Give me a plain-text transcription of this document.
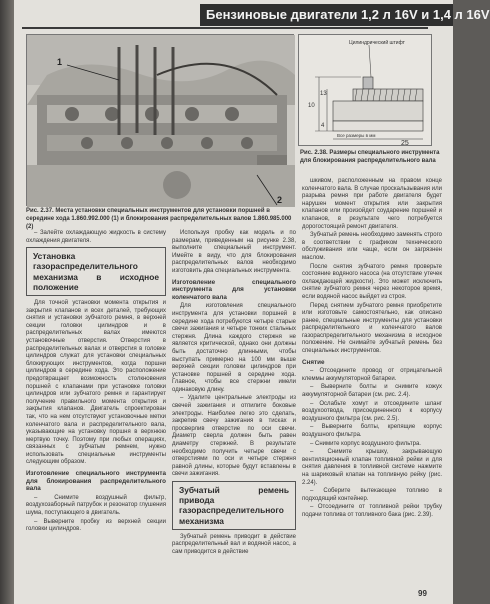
Бензиновые двигатели 1,2 л 16V и 1,4 л 16V
1
2
Цилиндрический штифт
10
13
4
25
Все размеры в мм
Рис. 2.37. Места установки специальных инструментов для установки поршней в середине хода 1.860.992.000 (1) и блокирования распределительных валов 1.860.985.000 (2)
Рис. 2.38. Размеры специального инструмента для блокирования распределительного вала

– Залейте охлаждающую жидкость в систему охлаждения двигателя.

Установка газораспределительного механизма в исходное положение

Для точной установки момента открытия и закрытия клапанов и всех деталей, требующих снятия и установки зубчатого ремня, в верхней секции головки цилиндров и в распределительных валах имеются установочные отверстия. Отверстия в распределительных валах и отверстия в головке цилиндров служат для установки специальных блокирующих инструментов, когда поршни цилиндров в середине хода. Это расположение предотвращает возможность столкновения поршней с клапанами при установке головки цилиндров или зубчатого ремня и гарантирует получение правильного момента открытия и закрытия клапанов. Двигатель спроектирован так, что на нем отсутствуют установочные метки коленчатого вала и распределительного вала, указывающие на установку поршня в верхнюю мертвую точку. Поэтому при любых операциях, связанных с зубчатым ремнем, нужно использовать специальные инструменты следующим образом.

Изготовление специального инструмента для блокирования распределительного вала

– Снимите воздушный фильтр, воздухозаборный патрубок и резонатор глушения шума, поступающего в двигатель.

– Выверните пробку из верхней секции головки цилиндров.

Используя пробку как модель и по размерам, приведенным на рисунке 2.38, выполните специальный инструмент. Имейте в виду, что для блокирования распределительных валов необходимо изготовить два специальных инструмента.

Изготовление специального инструмента для установки коленчатого вала

Для изготовления специального инструмента для установки поршней в середине хода потребуются четыре старые свечи зажигания и четыре тонких стальных стержня. Длина каждого стержня не является критической, однако они должны быть достаточно длинными, чтобы выступать примерно на 100 мм выше верхней секции головки цилиндров при установке поршней в середине хода. Главное, чтобы все стержни имели одинаковую длину.

– Удалите центральные электроды из свечей зажигания и отпилите боковые электроды. Наиболее легко это сделать, закрепив свечу зажигания в тисках и просверлив отверстие по оси свечи. Диаметр сверла должен быть равен диаметру стержней. В результате необходимо получить четыре свечи с отверстиями по оси и четыре стержня равной длины, которые будут вставлены в свечи зажигания.

Зубчатый ремень привода газораспределительного механизма

Зубчатый ремень приводит в действие распределительный вал и водяной насос, а сам приводится в действие

шкивом, расположенным на правом конце коленчатого вала. В случае проскальзывания или разрыва ремня при работе двигателя будет нарушен момент открытия или закрытия клапанов или произойдет соударение поршней и клапанов, в результате чего потребуется дорогостоящий ремонт двигателя.

Зубчатый ремень необходимо заменять строго в соответствии с графиком технического обслуживания или чаще, если он загрязнен маслом.

После снятия зубчатого ремня проверьте состояние водяного насоса (на отсутствие утечек охлаждающей жидкости). Это может исключить снятие зубчатого ремня через некоторое время, если водяной насос выйдет из строя.

Перед снятием зубчатого ремня приобретите или изготовьте самостоятельно, как описано ранее, специальные инструменты для установки распределительного и коленчатого валов газораспределительного механизма в исходное положение. Не снимайте зубчатый ремень без специальных инструментов.

Снятие

– Отсоедините провод от отрицательной клеммы аккумуляторной батареи.

– Выверните болты и снимите кожух аккумуляторной батареи (см. рис. 2.4).

– Ослабьте хомут и отсоедините шланг воздухоотвода, присоединенного к корпусу воздушного фильтра (см. рис. 2.5).

– Выверните болты, крепящие корпус воздушного фильтра.

– Снимите корпус воздушного фильтра.

– Снимите крышку, закрывающую вентиляционный клапан топливной рейки и для снятия давления в топливной системе нажмите на шариковый клапан на топливную рейку (рис. 2.24).

– Соберите вытекающее топливо в подходящий контейнер.

– Отсоедините от топливной рейки трубку подачи топлива от топливного бака (рис. 2.39).

99
